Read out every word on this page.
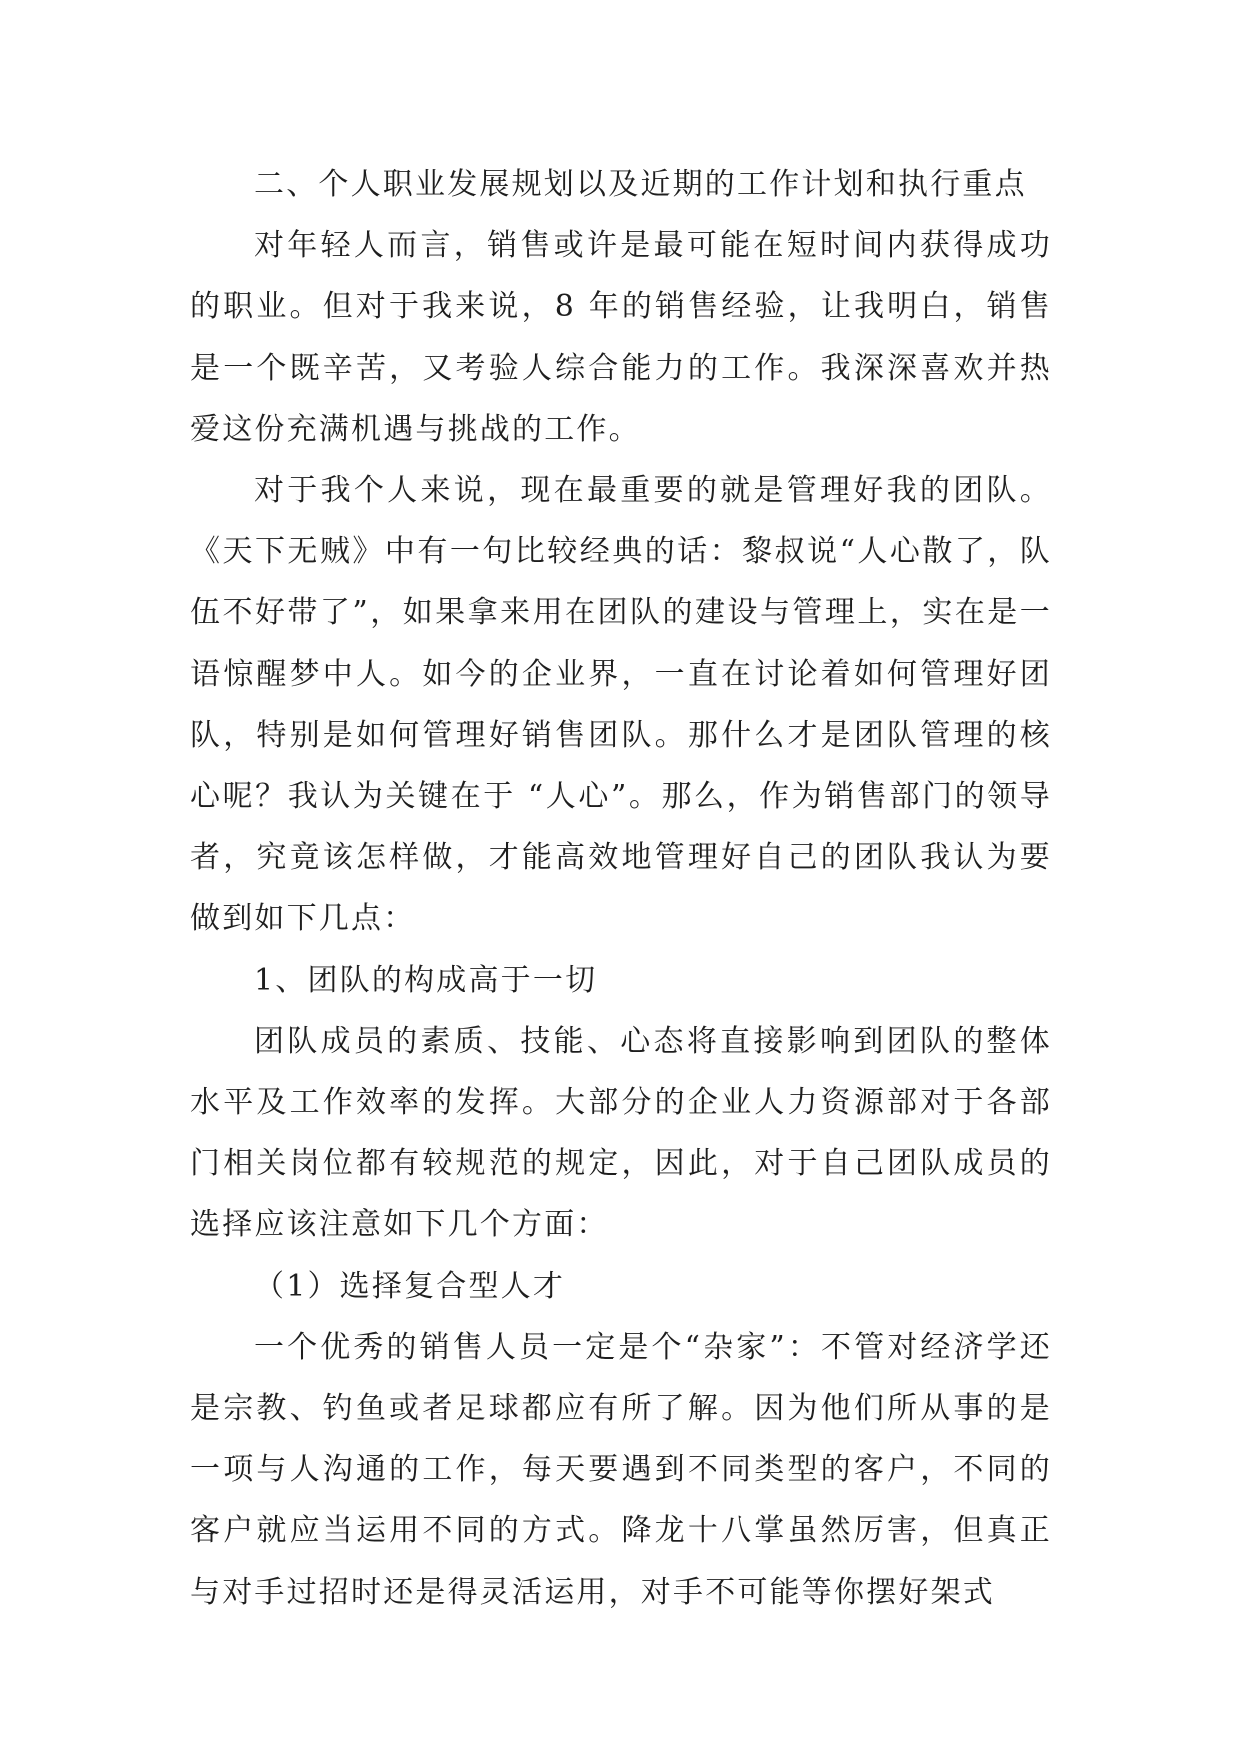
二、个人职业发展规划以及近期的工作计划和执行重点

对年轻人而言，销售或许是最可能在短时间内获得成功的职业。但对于我来说，8 年的销售经验，让我明白，销售是一个既辛苦，又考验人综合能力的工作。我深深喜欢并热爱这份充满机遇与挑战的工作。

对于我个人来说，现在最重要的就是管理好我的团队。《天下无贼》中有一句比较经典的话：黎叔说“人心散了，队伍不好带了”，如果拿来用在团队的建设与管理上，实在是一语惊醒梦中人。如今的企业界，一直在讨论着如何管理好团队，特别是如何管理好销售团队。那什么才是团队管理的核心呢？我认为关键在于 “人心”。那么，作为销售部门的领导者，究竟该怎样做，才能高效地管理好自己的团队我认为要做到如下几点：

1、团队的构成高于一切

团队成员的素质、技能、心态将直接影响到团队的整体水平及工作效率的发挥。大部分的企业人力资源部对于各部门相关岗位都有较规范的规定，因此，对于自己团队成员的选择应该注意如下几个方面：

（1）选择复合型人才

一个优秀的销售人员一定是个“杂家”：不管对经济学还是宗教、钓鱼或者足球都应有所了解。因为他们所从事的是一项与人沟通的工作，每天要遇到不同类型的客户，不同的客户就应当运用不同的方式。降龙十八掌虽然厉害，但真正与对手过招时还是得灵活运用，对手不可能等你摆好架式
